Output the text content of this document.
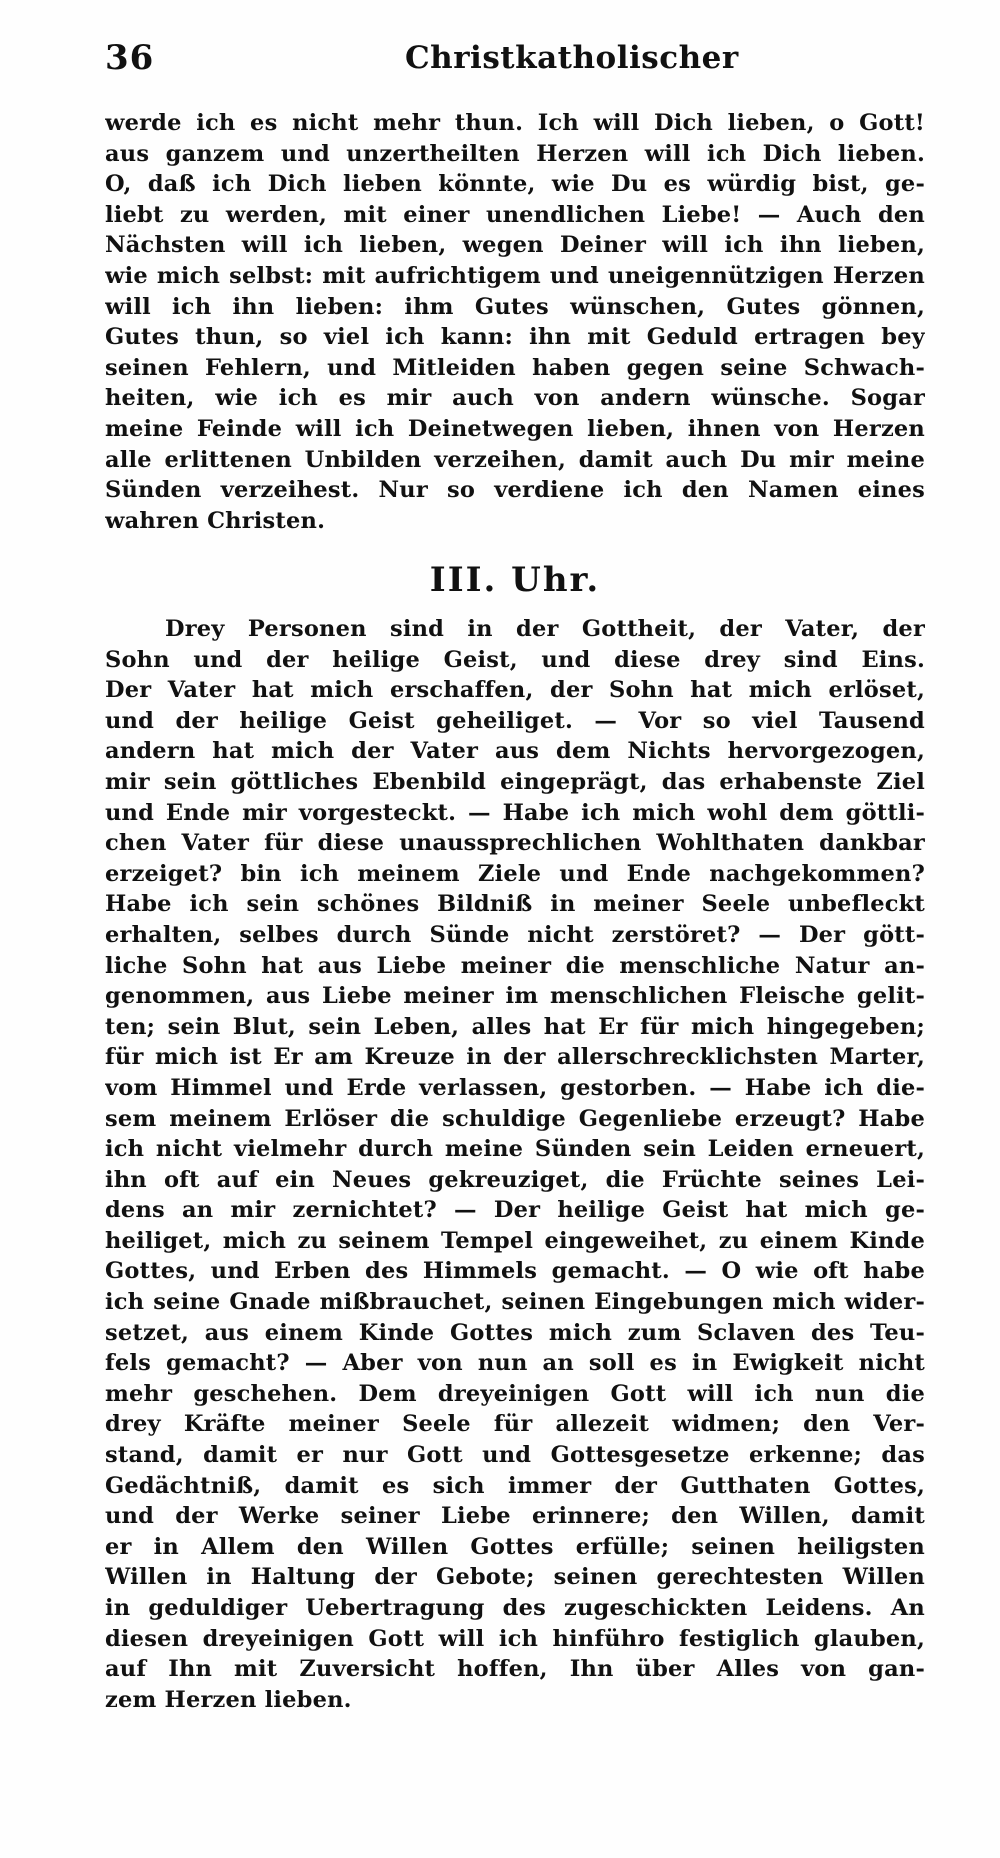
36	Christkatholischer
werde ich es nicht mehr thun. Ich will Dich lieben, o Gott!
aus ganzem und unzertheilten Herzen will ich Dich lieben.
O, daß ich Dich lieben könnte, wie Du es würdig bist, ge-
liebt zu werden, mit einer unendlichen Liebe! — Auch den
Nächsten will ich lieben, wegen Deiner will ich ihn lieben,
wie mich selbst: mit aufrichtigem und uneigennützigen Herzen
will ich ihn lieben: ihm Gutes wünschen, Gutes gönnen,
Gutes thun, so viel ich kann: ihn mit Geduld ertragen bey
seinen Fehlern, und Mitleiden haben gegen seine Schwach-
heiten, wie ich es mir auch von andern wünsche. Sogar
meine Feinde will ich Deinetwegen lieben, ihnen von Herzen
alle erlittenen Unbilden verzeihen, damit auch Du mir meine
Sünden verzeihest. Nur so verdiene ich den Namen eines
wahren Christen.
III. Uhr.
Drey Personen sind in der Gottheit, der Vater, der
Sohn und der heilige Geist, und diese drey sind Eins.
Der Vater hat mich erschaffen, der Sohn hat mich erlöset,
und der heilige Geist geheiliget. — Vor so viel Tausend
andern hat mich der Vater aus dem Nichts hervorgezogen,
mir sein göttliches Ebenbild eingeprägt, das erhabenste Ziel
und Ende mir vorgesteckt. — Habe ich mich wohl dem göttli-
chen Vater für diese unaussprechlichen Wohlthaten dankbar
erzeiget? bin ich meinem Ziele und Ende nachgekommen?
Habe ich sein schönes Bildniß in meiner Seele unbefleckt
erhalten, selbes durch Sünde nicht zerstöret? — Der gött-
liche Sohn hat aus Liebe meiner die menschliche Natur an-
genommen, aus Liebe meiner im menschlichen Fleische gelit-
ten; sein Blut, sein Leben, alles hat Er für mich hingegeben;
für mich ist Er am Kreuze in der allerschrecklichsten Marter,
vom Himmel und Erde verlassen, gestorben. — Habe ich die-
sem meinem Erlöser die schuldige Gegenliebe erzeugt? Habe
ich nicht vielmehr durch meine Sünden sein Leiden erneuert,
ihn oft auf ein Neues gekreuziget, die Früchte seines Lei-
dens an mir zernichtet? — Der heilige Geist hat mich ge-
heiliget, mich zu seinem Tempel eingeweihet, zu einem Kinde
Gottes, und Erben des Himmels gemacht. — O wie oft habe
ich seine Gnade mißbrauchet, seinen Eingebungen mich wider-
setzet, aus einem Kinde Gottes mich zum Sclaven des Teu-
fels gemacht? — Aber von nun an soll es in Ewigkeit nicht
mehr geschehen. Dem dreyeinigen Gott will ich nun die
drey Kräfte meiner Seele für allezeit widmen; den Ver-
stand, damit er nur Gott und Gottesgesetze erkenne; das
Gedächtniß, damit es sich immer der Gutthaten Gottes,
und der Werke seiner Liebe erinnere; den Willen, damit
er in Allem den Willen Gottes erfülle; seinen heiligsten
Willen in Haltung der Gebote; seinen gerechtesten Willen
in geduldiger Uebertragung des zugeschickten Leidens. An
diesen dreyeinigen Gott will ich hinführo festiglich glauben,
auf Ihn mit Zuversicht hoffen, Ihn über Alles von gan-
zem Herzen lieben.
